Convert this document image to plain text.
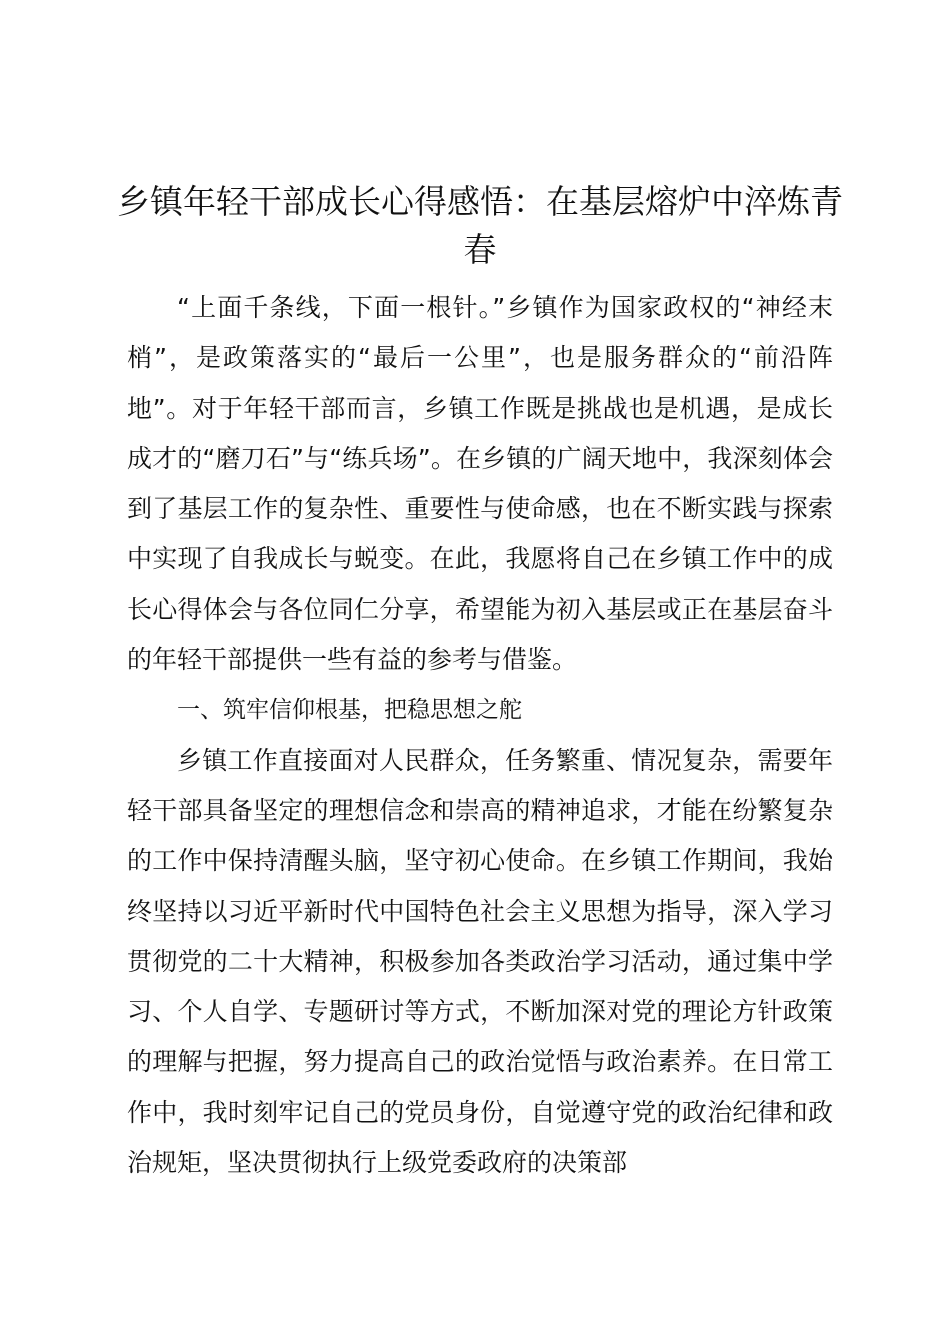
乡镇年轻干部成长心得感悟：在基层熔炉中淬炼青春

“上面千条线，下面一根针。”乡镇作为国家政权的“神经末梢”，是政策落实的“最后一公里”，也是服务群众的“前沿阵地”。对于年轻干部而言，乡镇工作既是挑战也是机遇，是成长成才的“磨刀石”与“练兵场”。在乡镇的广阔天地中，我深刻体会到了基层工作的复杂性、重要性与使命感，也在不断实践与探索中实现了自我成长与蜕变。在此，我愿将自己在乡镇工作中的成长心得体会与各位同仁分享，希望能为初入基层或正在基层奋斗的年轻干部提供一些有益的参考与借鉴。

一、筑牢信仰根基，把稳思想之舵

乡镇工作直接面对人民群众，任务繁重、情况复杂，需要年轻干部具备坚定的理想信念和崇高的精神追求，才能在纷繁复杂的工作中保持清醒头脑，坚守初心使命。在乡镇工作期间，我始终坚持以习近平新时代中国特色社会主义思想为指导，深入学习贯彻党的二十大精神，积极参加各类政治学习活动，通过集中学习、个人自学、专题研讨等方式，不断加深对党的理论方针政策的理解与把握，努力提高自己的政治觉悟与政治素养。在日常工作中，我时刻牢记自己的党员身份，自觉遵守党的政治纪律和政治规矩，坚决贯彻执行上级党委政府的决策部
